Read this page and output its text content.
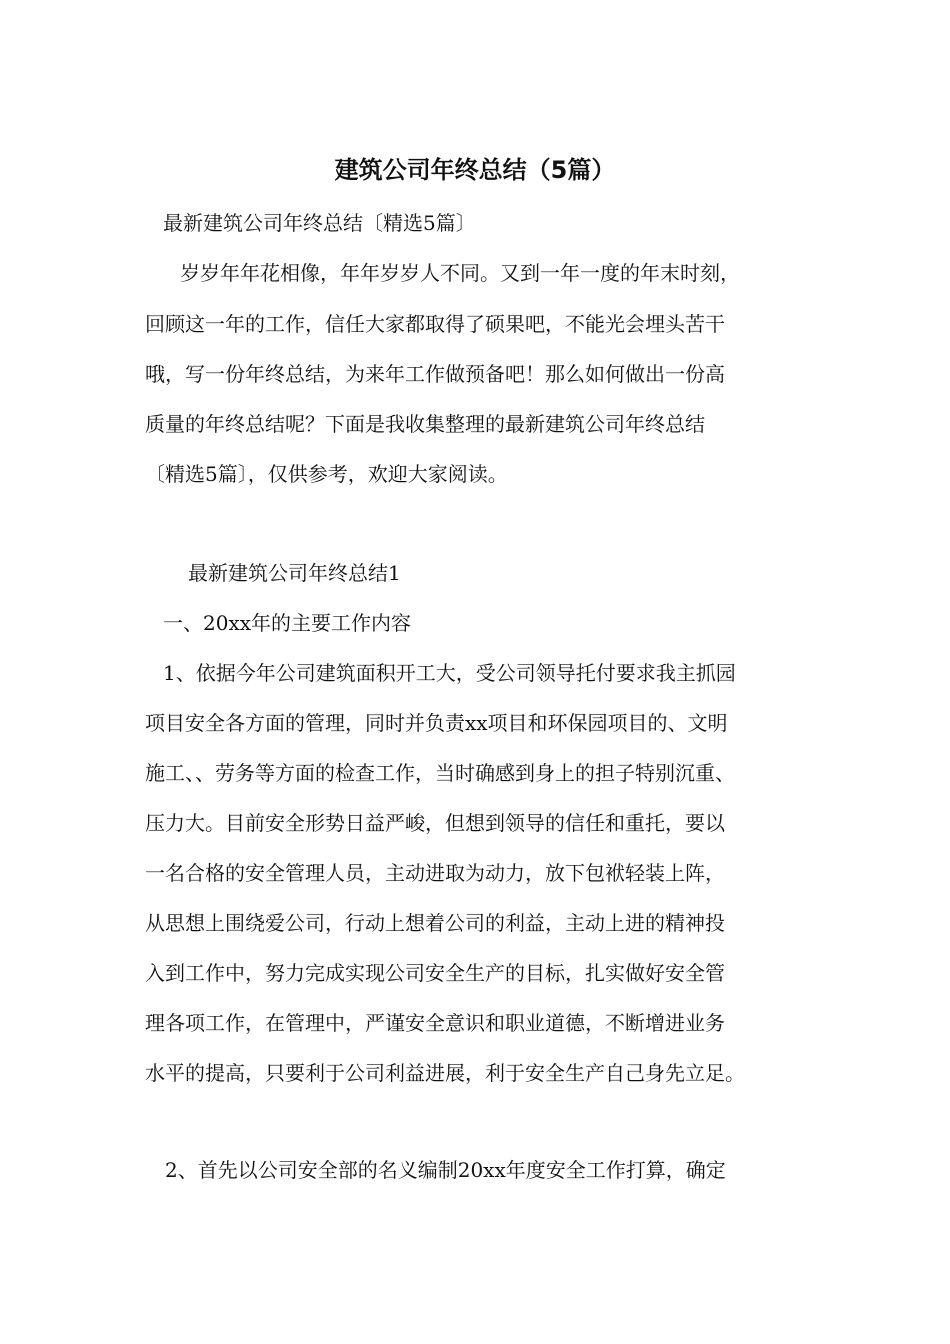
建筑公司年终总结（5篇）
最新建筑公司年终总结〔精选5篇〕
岁岁年年花相像，年年岁岁人不同。又到一年一度的年末时刻，
回顾这一年的工作，信任大家都取得了硕果吧，不能光会埋头苦干
哦，写一份年终总结，为来年工作做预备吧！那么如何做出一份高
质量的年终总结呢？下面是我收集整理的最新建筑公司年终总结
〔精选5篇〕，仅供参考，欢迎大家阅读。
最新建筑公司年终总结1
一、20xx年的主要工作内容
1、依据今年公司建筑面积开工大，受公司领导托付要求我主抓园
项目安全各方面的管理，同时并负责xx项目和环保园项目的、文明
施工、、劳务等方面的检查工作，当时确感到身上的担子特别沉重、
压力大。目前安全形势日益严峻，但想到领导的信任和重托，要以
一名合格的安全管理人员，主动进取为动力，放下包袱轻装上阵，
从思想上围绕爱公司，行动上想着公司的利益，主动上进的精神投
入到工作中，努力完成实现公司安全生产的目标，扎实做好安全管
理各项工作，在管理中，严谨安全意识和职业道德，不断增进业务
水平的提高，只要利于公司利益进展，利于安全生产自己身先立足。
2、首先以公司安全部的名义编制20xx年度安全工作打算，确定
